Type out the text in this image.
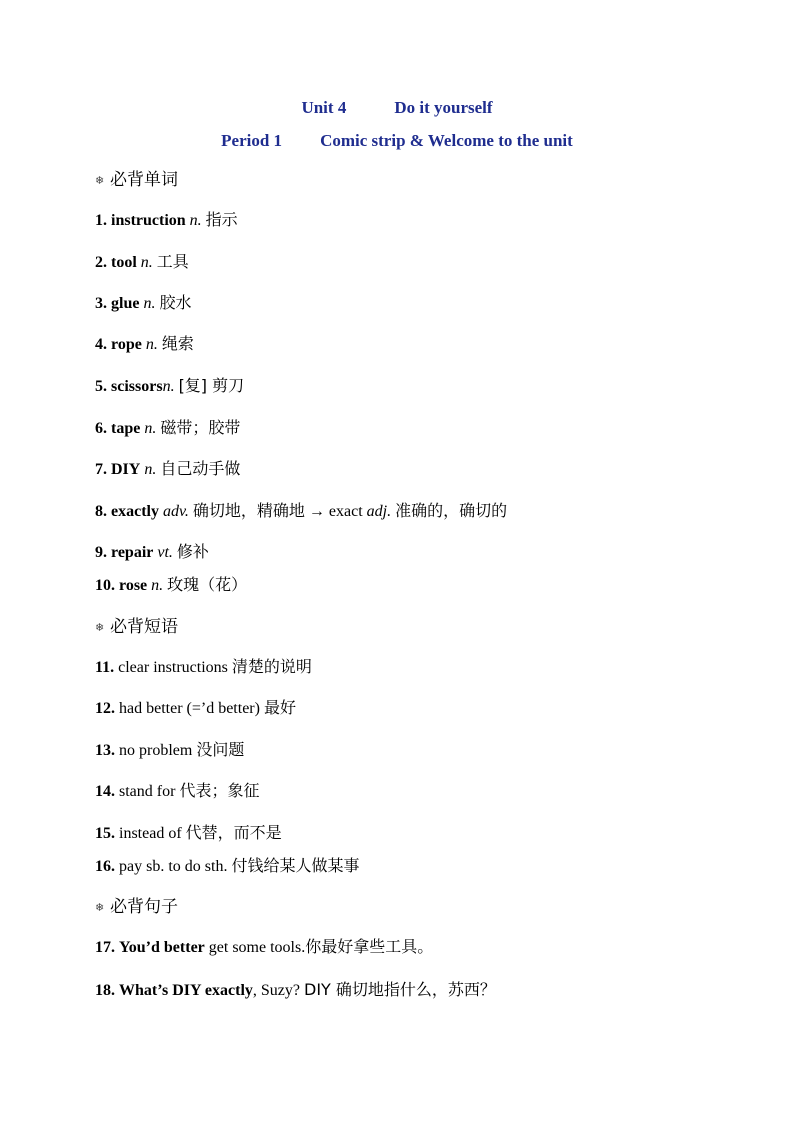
Unit 4	Do it yourself
Period 1 Comic strip & Welcome to the unit
❄ 必背单词
1. instruction n. 指示
2. tool n. 工具
3. glue n. 胶水
4. rope n. 绳索
5. scissorsn. [复] 剪刀
6. tape n. 磁带；胶带
7. DIY n. 自己动手做
8. exactly adv. 确切地，精确地 → exact adj. 准确的，确切的
9. repair vt. 修补
10. rose n. 玫瑰（花）
❄ 必背短语
11. clear instructions 清楚的说明
12. had better (=’d better) 最好
13. no problem 没问题
14. stand for 代表；象征
15. instead of 代替，而不是
16. pay sb. to do sth. 付钱给某人做某事
❄ 必背句子
17. You’d better get some tools.你最好拿些工具。
18. What’s DIY exactly, Suzy? DIY 确切地指什么，苏西？
